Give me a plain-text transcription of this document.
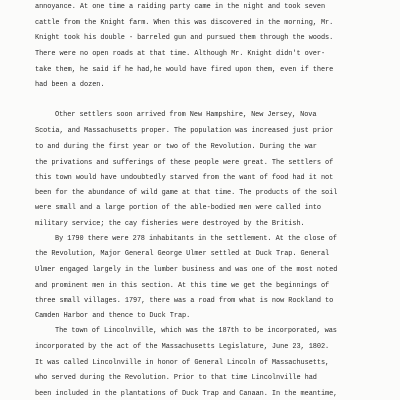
annoyance. At one time a raiding party came in the night and took seven
cattle from the Knight farm. When this was discovered in the morning, Mr.
Knight took his double - barreled gun and pursued them through the woods.
There were no open roads at that time. Although Mr. Knight didn't over-
take them, he said if he had,he would have fired upon them, even if there
had been a dozen.
Other settlers soon arrived from New Hampshire, New Jersey, Nova
Scotia, and Massachusetts proper. The population was increased just prior
to and during the first year or two of the Revolution. During the war
the privations and sufferings of these people were great. The settlers of
this town would have undoubtedly starved from the want of food had it not
been for the abundance of wild game at that time. The products of the soil
were small and a large portion of the able-bodied men were called into
military service; the cay fisheries were destroyed by the British.
By 1790 there were 278 inhabitants in the settlement. At the close of
the Revolution, Major General George Ulmer settled at Duck Trap. General
Ulmer engaged largely in the lumber business and was one of the most noted
and prominent men in this section. At this time we get the beginnings of
three small villages. 1797, there was a road from what is now Rockland to
Camden Harbor and thence to Duck Trap.
The town of Lincolnville, which was the 187th to be incorporated, was
incorporated by the act of the Massachusetts Legislature, June 23, 1802.
It was called Lincolnville in honor of General Lincoln of Massachusetts,
who served during the Revolution. Prior to that time Lincolnville had
been included in the plantations of Duck Trap and Canaan. In the meantime,
